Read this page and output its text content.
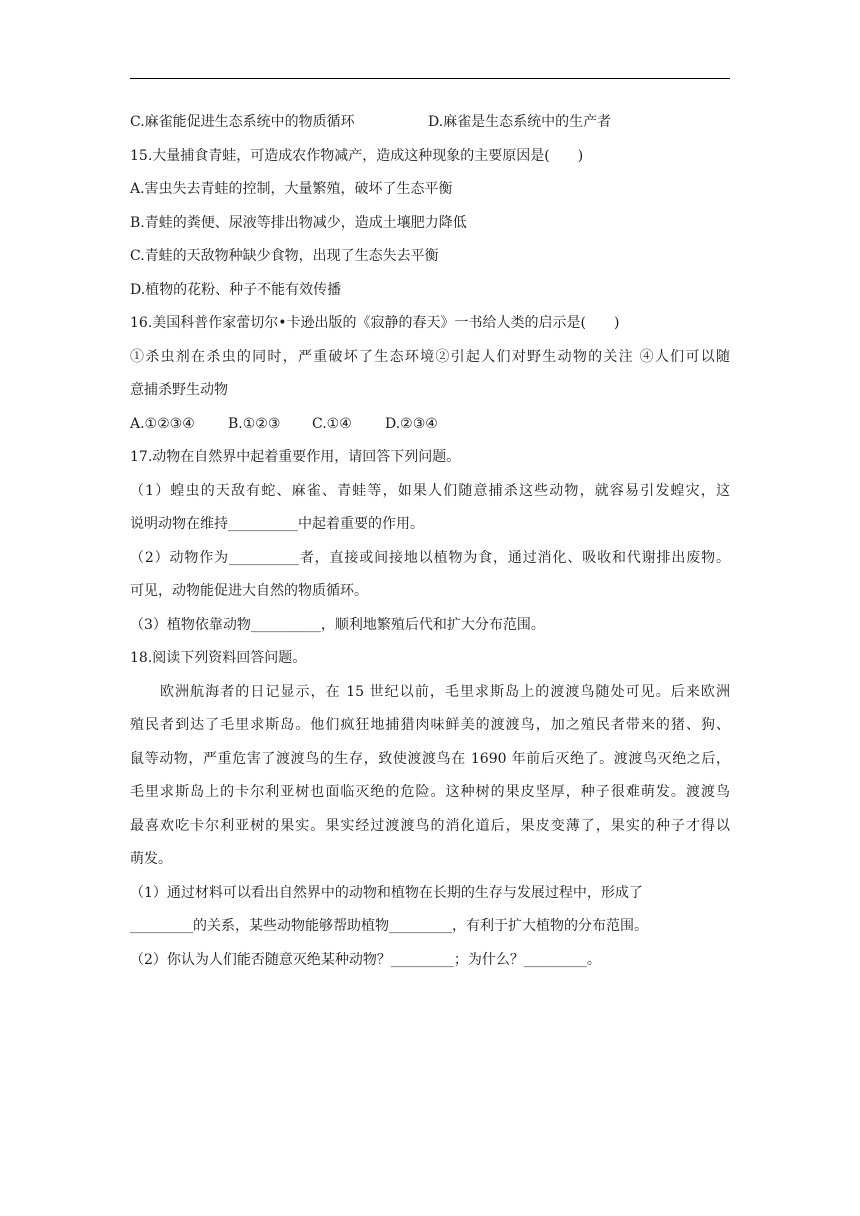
C.麻雀能促进生态系统中的物质循环	D.麻雀是生态系统中的生产者
15.大量捕食青蛙，可造成农作物减产，造成这种现象的主要原因是(　　)
A.害虫失去青蛙的控制，大量繁殖，破坏了生态平衡
B.青蛙的粪便、尿液等排出物减少，造成土壤肥力降低
C.青蛙的天敌物种缺少食物，出现了生态失去平衡
D.植物的花粉、种子不能有效传播
16.美国科普作家蕾切尔•卡逊出版的《寂静的春天》一书给人类的启示是(　　)
①杀虫剂在杀虫的同时，严重破坏了生态环境②引起人们对野生动物的关注 ④人们可以随
意捕杀野生动物
A.①②③④ B.①②③ C.①④ D.②③④
17.动物在自然界中起着重要作用，请回答下列问题。
（1）蝗虫的天敌有蛇、麻雀、青蛙等，如果人们随意捕杀这些动物，就容易引发蝗灾，这
说明动物在维持__________中起着重要的作用。
（2）动物作为__________者，直接或间接地以植物为食，通过消化、吸收和代谢排出废物。
可见，动物能促进大自然的物质循环。
（3）植物依靠动物__________，顺利地繁殖后代和扩大分布范围。
18.阅读下列资料回答问题。
欧洲航海者的日记显示，在 15 世纪以前，毛里求斯岛上的渡渡鸟随处可见。后来欧洲
殖民者到达了毛里求斯岛。他们疯狂地捕猎肉味鲜美的渡渡鸟，加之殖民者带来的猪、狗、
鼠等动物，严重危害了渡渡鸟的生存，致使渡渡鸟在 1690 年前后灭绝了。渡渡鸟灭绝之后，
毛里求斯岛上的卡尔利亚树也面临灭绝的危险。这种树的果皮坚厚，种子很难萌发。渡渡鸟
最喜欢吃卡尔利亚树的果实。果实经过渡渡鸟的消化道后，果皮变薄了，果实的种子才得以
萌发。
（1）通过材料可以看出自然界中的动物和植物在长期的生存与发展过程中，形成了
_________的关系，某些动物能够帮助植物_________，有利于扩大植物的分布范围。
（2）你认为人们能否随意灭绝某种动物？_________；为什么？_________。
